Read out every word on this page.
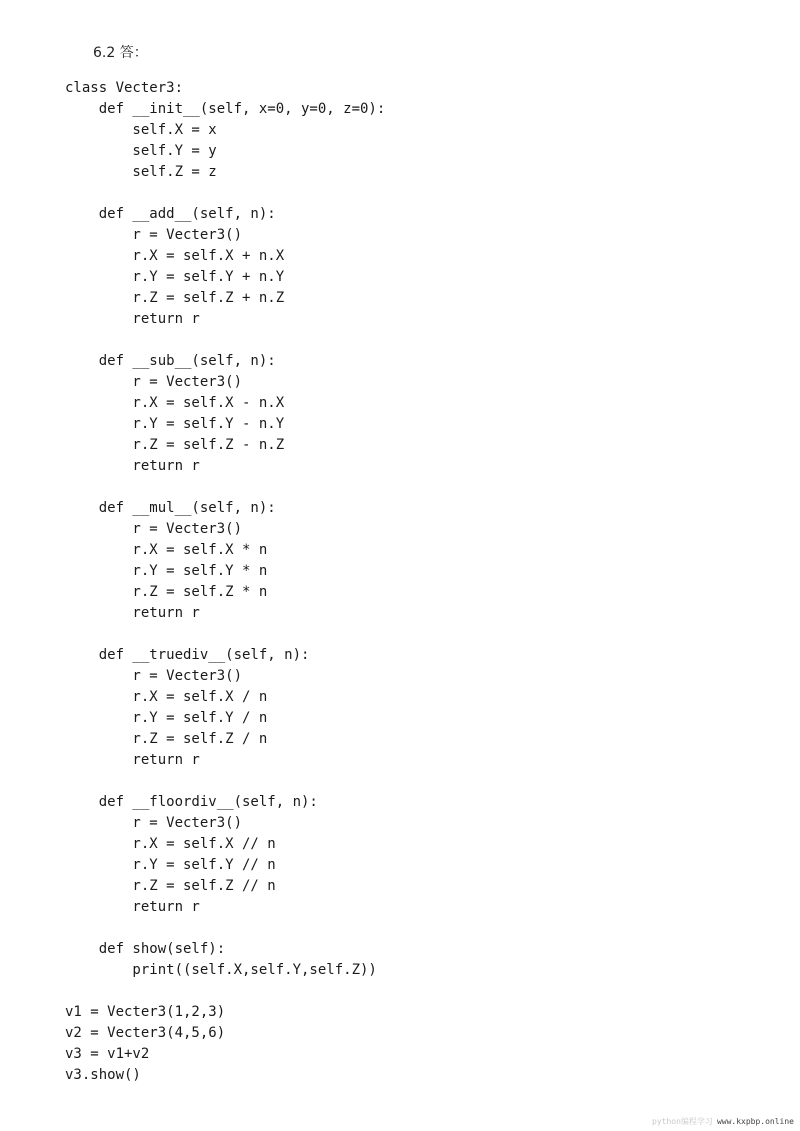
6.2 答：
class Vecter3:
def __init__(self, x=0, y=0, z=0):
self.X = x
self.Y = y
self.Z = z
def __add__(self, n):
r = Vecter3()
r.X = self.X + n.X
r.Y = self.Y + n.Y
r.Z = self.Z + n.Z
return r
def __sub__(self, n):
r = Vecter3()
r.X = self.X - n.X
r.Y = self.Y - n.Y
r.Z = self.Z - n.Z
return r
def __mul__(self, n):
r = Vecter3()
r.X = self.X * n
r.Y = self.Y * n
r.Z = self.Z * n
return r
def __truediv__(self, n):
r = Vecter3()
r.X = self.X / n
r.Y = self.Y / n
r.Z = self.Z / n
return r
def __floordiv__(self, n):
r = Vecter3()
r.X = self.X // n
r.Y = self.Y // n
r.Z = self.Z // n
return r
def show(self):
print((self.X,self.Y,self.Z))
v1 = Vecter3(1,2,3)
v2 = Vecter3(4,5,6)
v3 = v1+v2
v3.show()
python编程学习 www.kxpbp.online
